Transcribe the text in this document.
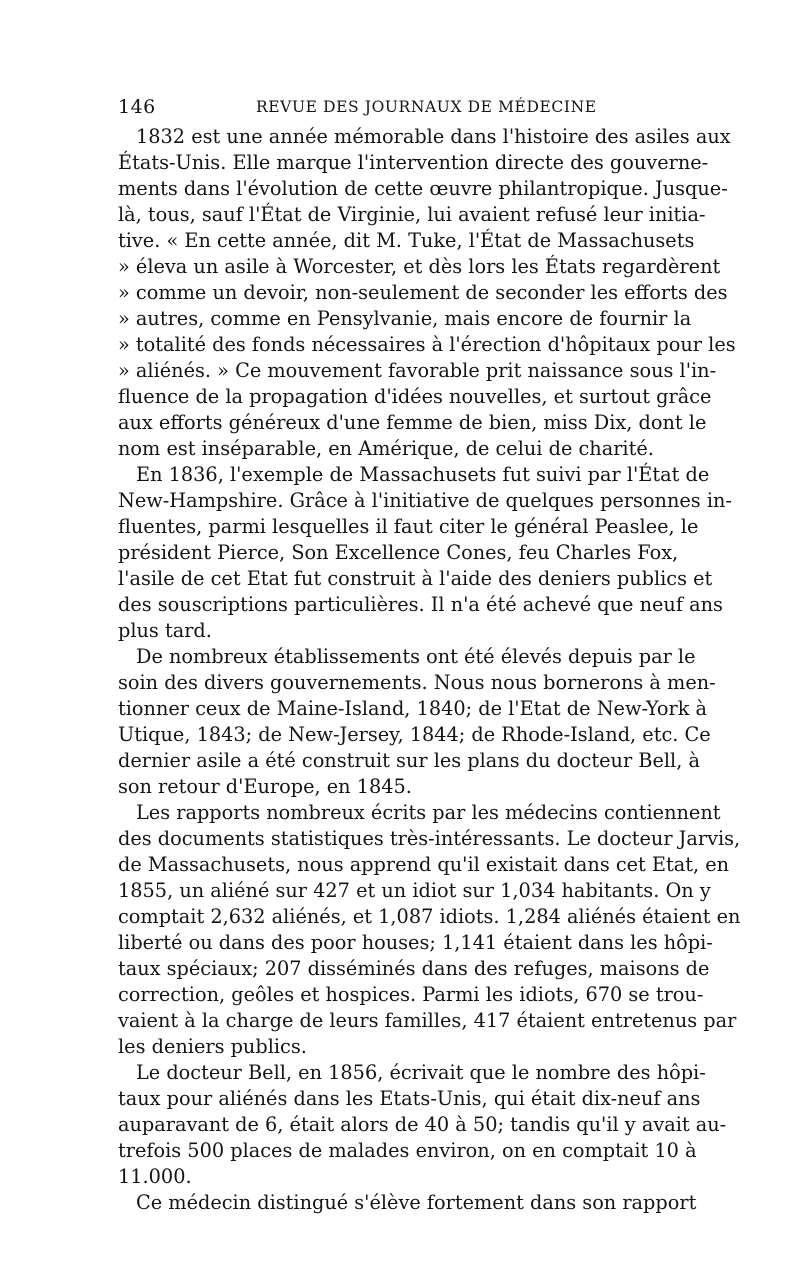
146	REVUE DES JOURNAUX DE MÉDECINE
1832 est une année mémorable dans l'histoire des asiles aux
États-Unis. Elle marque l'intervention directe des gouverne-
ments dans l'évolution de cette œuvre philantropique. Jusque-
là, tous, sauf l'État de Virginie, lui avaient refusé leur initia-
tive. « En cette année, dit M. Tuke, l'État de Massachusets
» éleva un asile à Worcester, et dès lors les États regardèrent
» comme un devoir, non-seulement de seconder les efforts des
» autres, comme en Pensylvanie, mais encore de fournir la
» totalité des fonds nécessaires à l'érection d'hôpitaux pour les
» aliénés. » Ce mouvement favorable prit naissance sous l'in-
fluence de la propagation d'idées nouvelles, et surtout grâce
aux efforts généreux d'une femme de bien, miss Dix, dont le
nom est inséparable, en Amérique, de celui de charité.
En 1836, l'exemple de Massachusets fut suivi par l'État de
New-Hampshire. Grâce à l'initiative de quelques personnes in-
fluentes, parmi lesquelles il faut citer le général Peaslee, le
président Pierce, Son Excellence Cones, feu Charles Fox,
l'asile de cet Etat fut construit à l'aide des deniers publics et
des souscriptions particulières. Il n'a été achevé que neuf ans
plus tard.
De nombreux établissements ont été élevés depuis par le
soin des divers gouvernements. Nous nous bornerons à men-
tionner ceux de Maine-Island, 1840; de l'Etat de New-York à
Utique, 1843; de New-Jersey, 1844; de Rhode-Island, etc. Ce
dernier asile a été construit sur les plans du docteur Bell, à
son retour d'Europe, en 1845.
Les rapports nombreux écrits par les médecins contiennent
des documents statistiques très-intéressants. Le docteur Jarvis,
de Massachusets, nous apprend qu'il existait dans cet Etat, en
1855, un aliéné sur 427 et un idiot sur 1,034 habitants. On y
comptait 2,632 aliénés, et 1,087 idiots. 1,284 aliénés étaient en
liberté ou dans des poor houses; 1,141 étaient dans les hôpi-
taux spéciaux; 207 disséminés dans des refuges, maisons de
correction, geôles et hospices. Parmi les idiots, 670 se trou-
vaient à la charge de leurs familles, 417 étaient entretenus par
les deniers publics.
Le docteur Bell, en 1856, écrivait que le nombre des hôpi-
taux pour aliénés dans les Etats-Unis, qui était dix-neuf ans
auparavant de 6, était alors de 40 à 50; tandis qu'il y avait au-
trefois 500 places de malades environ, on en comptait 10 à
11.000.
Ce médecin distingué s'élève fortement dans son rapport
